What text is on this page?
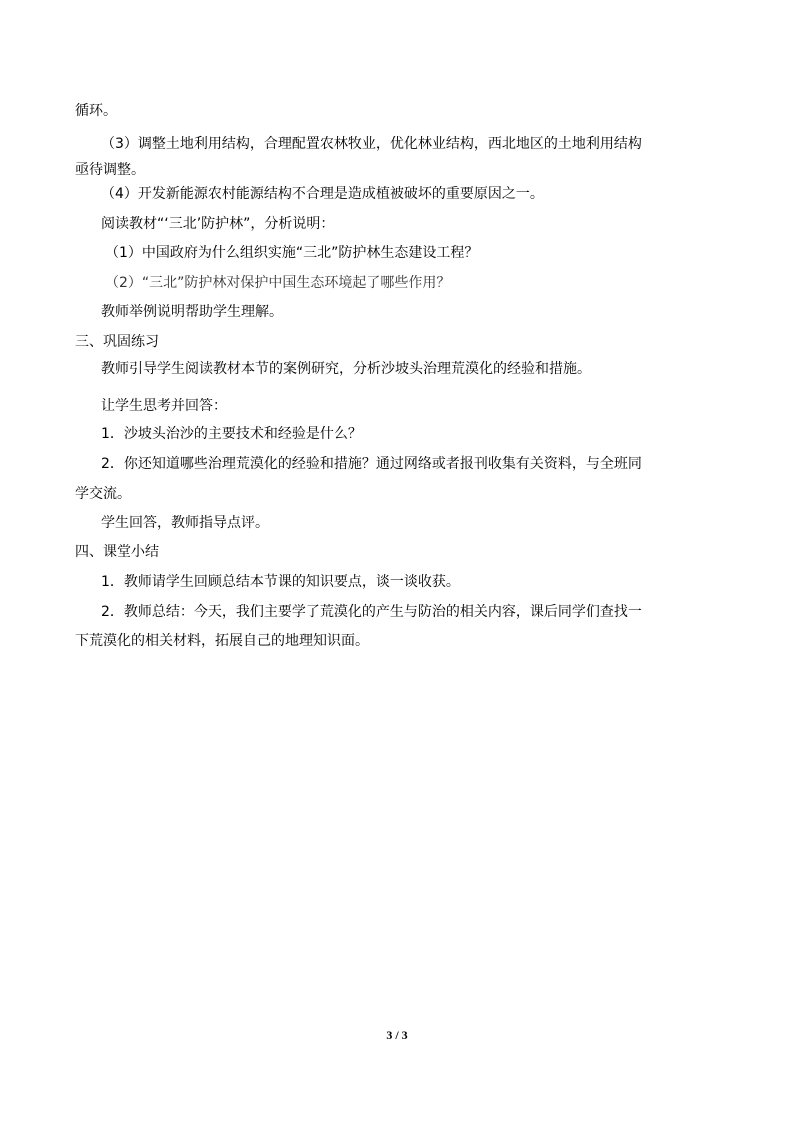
循环。
（3）调整土地利用结构，合理配置农林牧业，优化林业结构，西北地区的土地利用结构
亟待调整。
（4）开发新能源农村能源结构不合理是造成植被破坏的重要原因之一。
阅读教材“‘三北’防护林”，分析说明：
（1）中国政府为什么组织实施“三北”防护林生态建设工程？
（2）“三北”防护林对保护中国生态环境起了哪些作用？
教师举例说明帮助学生理解。
三、巩固练习
教师引导学生阅读教材本节的案例研究，分析沙坡头治理荒漠化的经验和措施。
让学生思考并回答：
1．沙坡头治沙的主要技术和经验是什么？
2．你还知道哪些治理荒漠化的经验和措施？通过网络或者报刊收集有关资料，与全班同
学交流。
学生回答，教师指导点评。
四、课堂小结
1．教师请学生回顾总结本节课的知识要点，谈一谈收获。
2．教师总结：今天，我们主要学了荒漠化的产生与防治的相关内容，课后同学们查找一
下荒漠化的相关材料，拓展自己的地理知识面。
3 / 3
